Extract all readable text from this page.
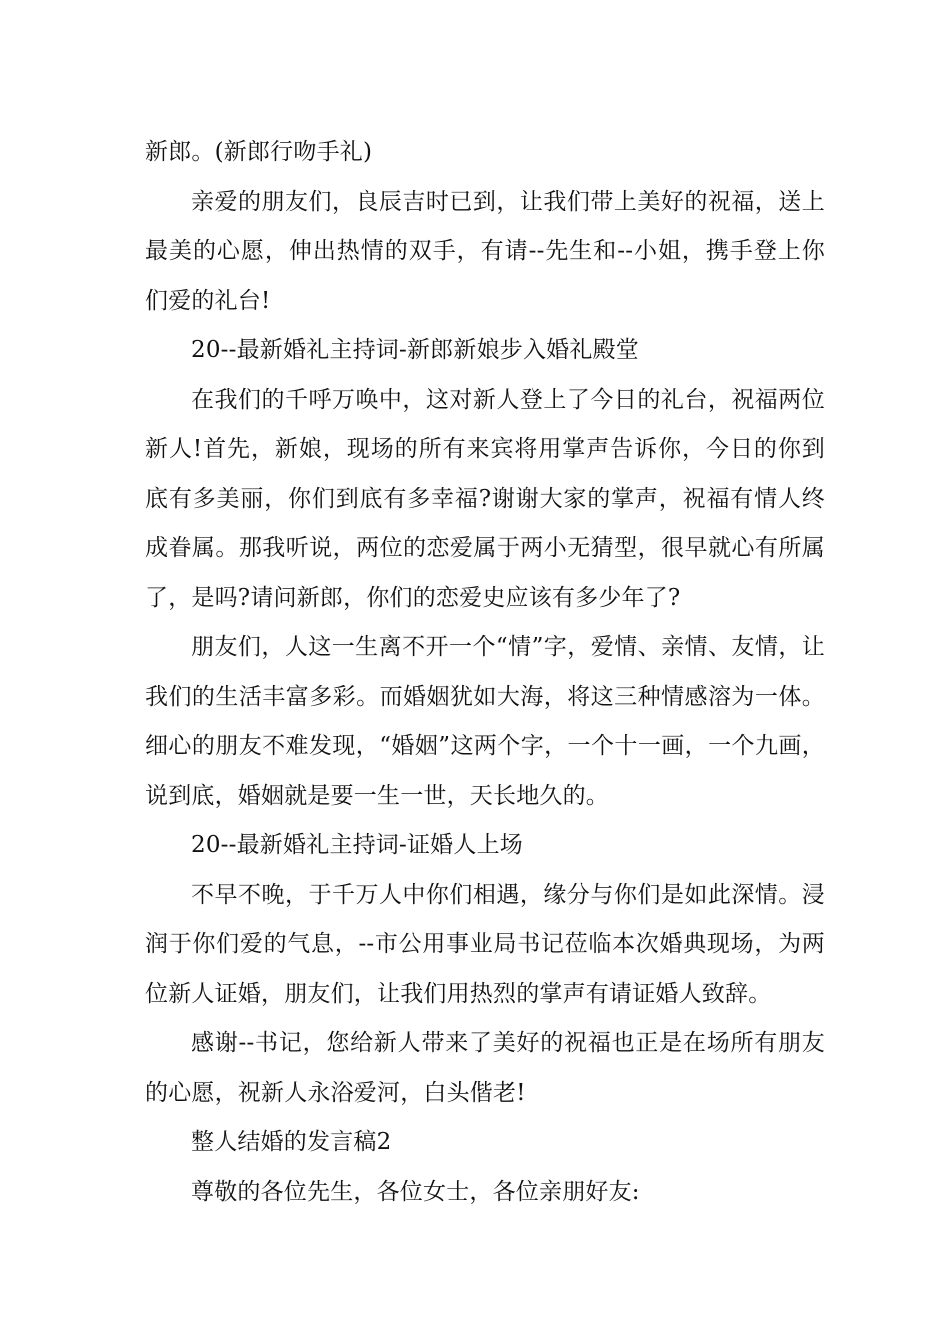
新郎。(新郎行吻手礼)

亲爱的朋友们，良辰吉时已到，让我们带上美好的祝福，送上最美的心愿，伸出热情的双手，有请--先生和--小姐，携手登上你们爱的礼台!

20--最新婚礼主持词-新郎新娘步入婚礼殿堂

在我们的千呼万唤中，这对新人登上了今日的礼台，祝福两位新人!首先，新娘，现场的所有来宾将用掌声告诉你，今日的你到底有多美丽，你们到底有多幸福?谢谢大家的掌声，祝福有情人终成眷属。那我听说，两位的恋爱属于两小无猜型，很早就心有所属了，是吗?请问新郎，你们的恋爱史应该有多少年了?

朋友们，人这一生离不开一个“情”字，爱情、亲情、友情，让我们的生活丰富多彩。而婚姻犹如大海，将这三种情感溶为一体。细心的朋友不难发现，“婚姻”这两个字，一个十一画，一个九画，说到底，婚姻就是要一生一世，天长地久的。

20--最新婚礼主持词-证婚人上场

不早不晚，于千万人中你们相遇，缘分与你们是如此深情。浸润于你们爱的气息，--市公用事业局书记莅临本次婚典现场，为两位新人证婚，朋友们，让我们用热烈的掌声有请证婚人致辞。

感谢--书记，您给新人带来了美好的祝福也正是在场所有朋友的心愿，祝新人永浴爱河，白头偕老!

整人结婚的发言稿2

尊敬的各位先生，各位女士，各位亲朋好友:
